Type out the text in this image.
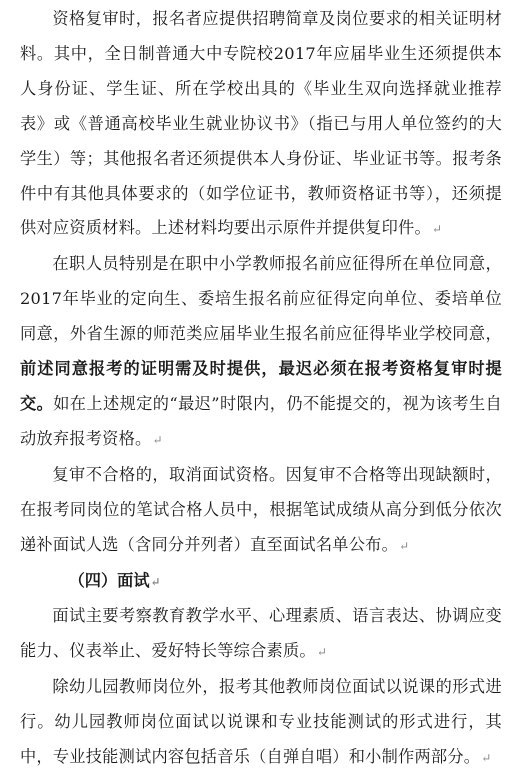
资格复审时，报名者应提供招聘简章及岗位要求的相关证明材料。其中，全日制普通大中专院校2017年应届毕业生还须提供本人身份证、学生证、所在学校出具的《毕业生双向选择就业推荐表》或《普通高校毕业生就业协议书》（指已与用人单位签约的大学生）等；其他报名者还须提供本人身份证、毕业证书等。报考条件中有其他具体要求的（如学位证书，教师资格证书等），还须提供对应资质材料。上述材料均要出示原件并提供复印件。↵

在职人员特别是在职中小学教师报名前应征得所在单位同意，2017年毕业的定向生、委培生报名前应征得定向单位、委培单位同意，外省生源的师范类应届毕业生报名前应征得毕业学校同意，前述同意报考的证明需及时提供，最迟必须在报考资格复审时提交。如在上述规定的“最迟”时限内，仍不能提交的，视为该考生自动放弃报考资格。↵

复审不合格的，取消面试资格。因复审不合格等出现缺额时，在报考同岗位的笔试合格人员中，根据笔试成绩从高分到低分依次递补面试人选（含同分并列者）直至面试名单公布。↵

（四）面试↵

面试主要考察教育教学水平、心理素质、语言表达、协调应变能力、仪表举止、爱好特长等综合素质。↵

除幼儿园教师岗位外，报考其他教师岗位面试以说课的形式进行。幼儿园教师岗位面试以说课和专业技能测试的形式进行，其中，专业技能测试内容包括音乐（自弹自唱）和小制作两部分。↵
